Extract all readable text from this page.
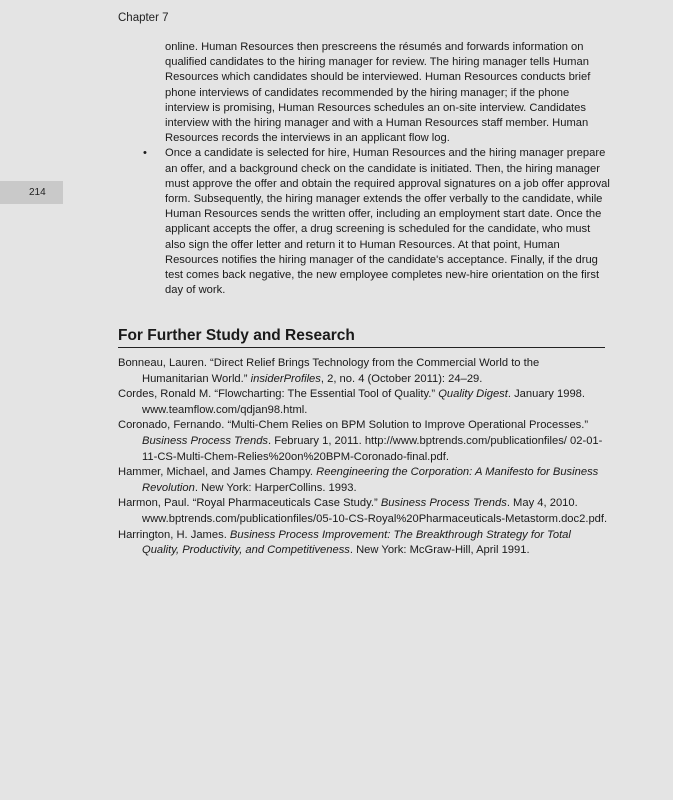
Chapter 7
214

online. Human Resources then prescreens the résumés and forwards information on qualified candidates to the hiring manager for review. The hiring manager tells Human Resources which candidates should be interviewed. Human Resources conducts brief phone interviews of candidates recommended by the hiring manager; if the phone interview is promising, Human Resources schedules an on-site interview. Candidates interview with the hiring manager and with a Human Resources staff member. Human Resources records the interviews in an applicant flow log.

• Once a candidate is selected for hire, Human Resources and the hiring manager prepare an offer, and a background check on the candidate is initiated. Then, the hiring manager must approve the offer and obtain the required approval signatures on a job offer approval form. Subsequently, the hiring manager extends the offer verbally to the candidate, while Human Resources sends the written offer, including an employment start date. Once the applicant accepts the offer, a drug screening is scheduled for the candidate, who must also sign the offer letter and return it to Human Resources. At that point, Human Resources notifies the hiring manager of the candidate's acceptance. Finally, if the drug test comes back negative, the new employee completes new-hire orientation on the first day of work.

For Further Study and Research
Bonneau, Lauren. “Direct Relief Brings Technology from the Commercial World to the Humanitarian World.” insiderProfiles, 2, no. 4 (October 2011): 24–29.
Cordes, Ronald M. “Flowcharting: The Essential Tool of Quality.” Quality Digest. January 1998. www.teamflow.com/qdjan98.html.
Coronado, Fernando. “Multi-Chem Relies on BPM Solution to Improve Operational Processes.” Business Process Trends. February 1, 2011. http://www.bptrends.com/publicationfiles/ 02-01-11-CS-Multi-Chem-Relies%20on%20BPM-Coronado-final.pdf.
Hammer, Michael, and James Champy. Reengineering the Corporation: A Manifesto for Business Revolution. New York: HarperCollins. 1993.
Harmon, Paul. “Royal Pharmaceuticals Case Study.” Business Process Trends. May 4, 2010. www.bptrends.com/publicationfiles/05-10-CS-Royal%20Pharmaceuticals-Metastorm.doc2.pdf.
Harrington, H. James. Business Process Improvement: The Breakthrough Strategy for Total Quality, Productivity, and Competitiveness. New York: McGraw-Hill, April 1991.
